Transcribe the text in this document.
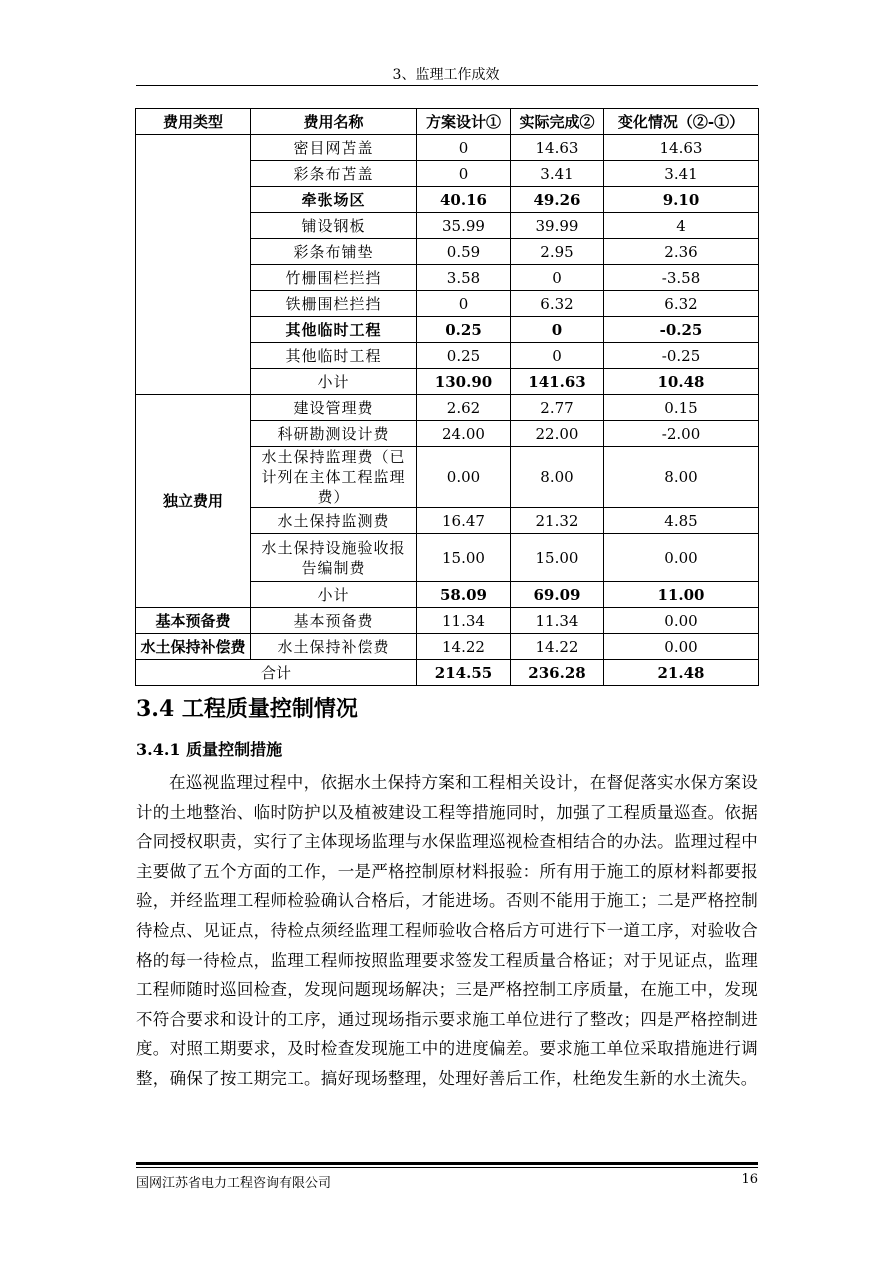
3、监理工作成效
费用类型	费用名称	方案设计①	实际完成②	变化情况（②-①）
	密目网苫盖	0	14.63	14.63
	彩条布苫盖	0	3.41	3.41
	牵张场区	40.16	49.26	9.10
	铺设钢板	35.99	39.99	4
	彩条布铺垫	0.59	2.95	2.36
	竹栅围栏拦挡	3.58	0	-3.58
	铁栅围栏拦挡	0	6.32	6.32
	其他临时工程	0.25	0	-0.25
	其他临时工程	0.25	0	-0.25
	小计	130.90	141.63	10.48
独立费用	建设管理费	2.62	2.77	0.15
	科研勘测设计费	24.00	22.00	-2.00
	水土保持监理费（已计列在主体工程监理费）	0.00	8.00	8.00
	水土保持监测费	16.47	21.32	4.85
	水土保持设施验收报告编制费	15.00	15.00	0.00
	小计	58.09	69.09	11.00
基本预备费	基本预备费	11.34	11.34	0.00
水土保持补偿费	水土保持补偿费	14.22	14.22	0.00
合计		214.55	236.28	21.48
3.4 工程质量控制情况
3.4.1 质量控制措施
在巡视监理过程中，依据水土保持方案和工程相关设计，在督促落实水保方案设计的土地整治、临时防护以及植被建设工程等措施同时，加强了工程质量巡查。依据合同授权职责，实行了主体现场监理与水保监理巡视检查相结合的办法。监理过程中主要做了五个方面的工作，一是严格控制原材料报验：所有用于施工的原材料都要报验，并经监理工程师检验确认合格后，才能进场。否则不能用于施工；二是严格控制待检点、见证点，待检点须经监理工程师验收合格后方可进行下一道工序，对验收合格的每一待检点，监理工程师按照监理要求签发工程质量合格证；对于见证点，监理工程师随时巡回检查，发现问题现场解决；三是严格控制工序质量，在施工中，发现不符合要求和设计的工序，通过现场指示要求施工单位进行了整改；四是严格控制进度。对照工期要求，及时检查发现施工中的进度偏差。要求施工单位采取措施进行调整，确保了按工期完工。搞好现场整理，处理好善后工作，杜绝发生新的水土流失。
国网江苏省电力工程咨询有限公司	16
